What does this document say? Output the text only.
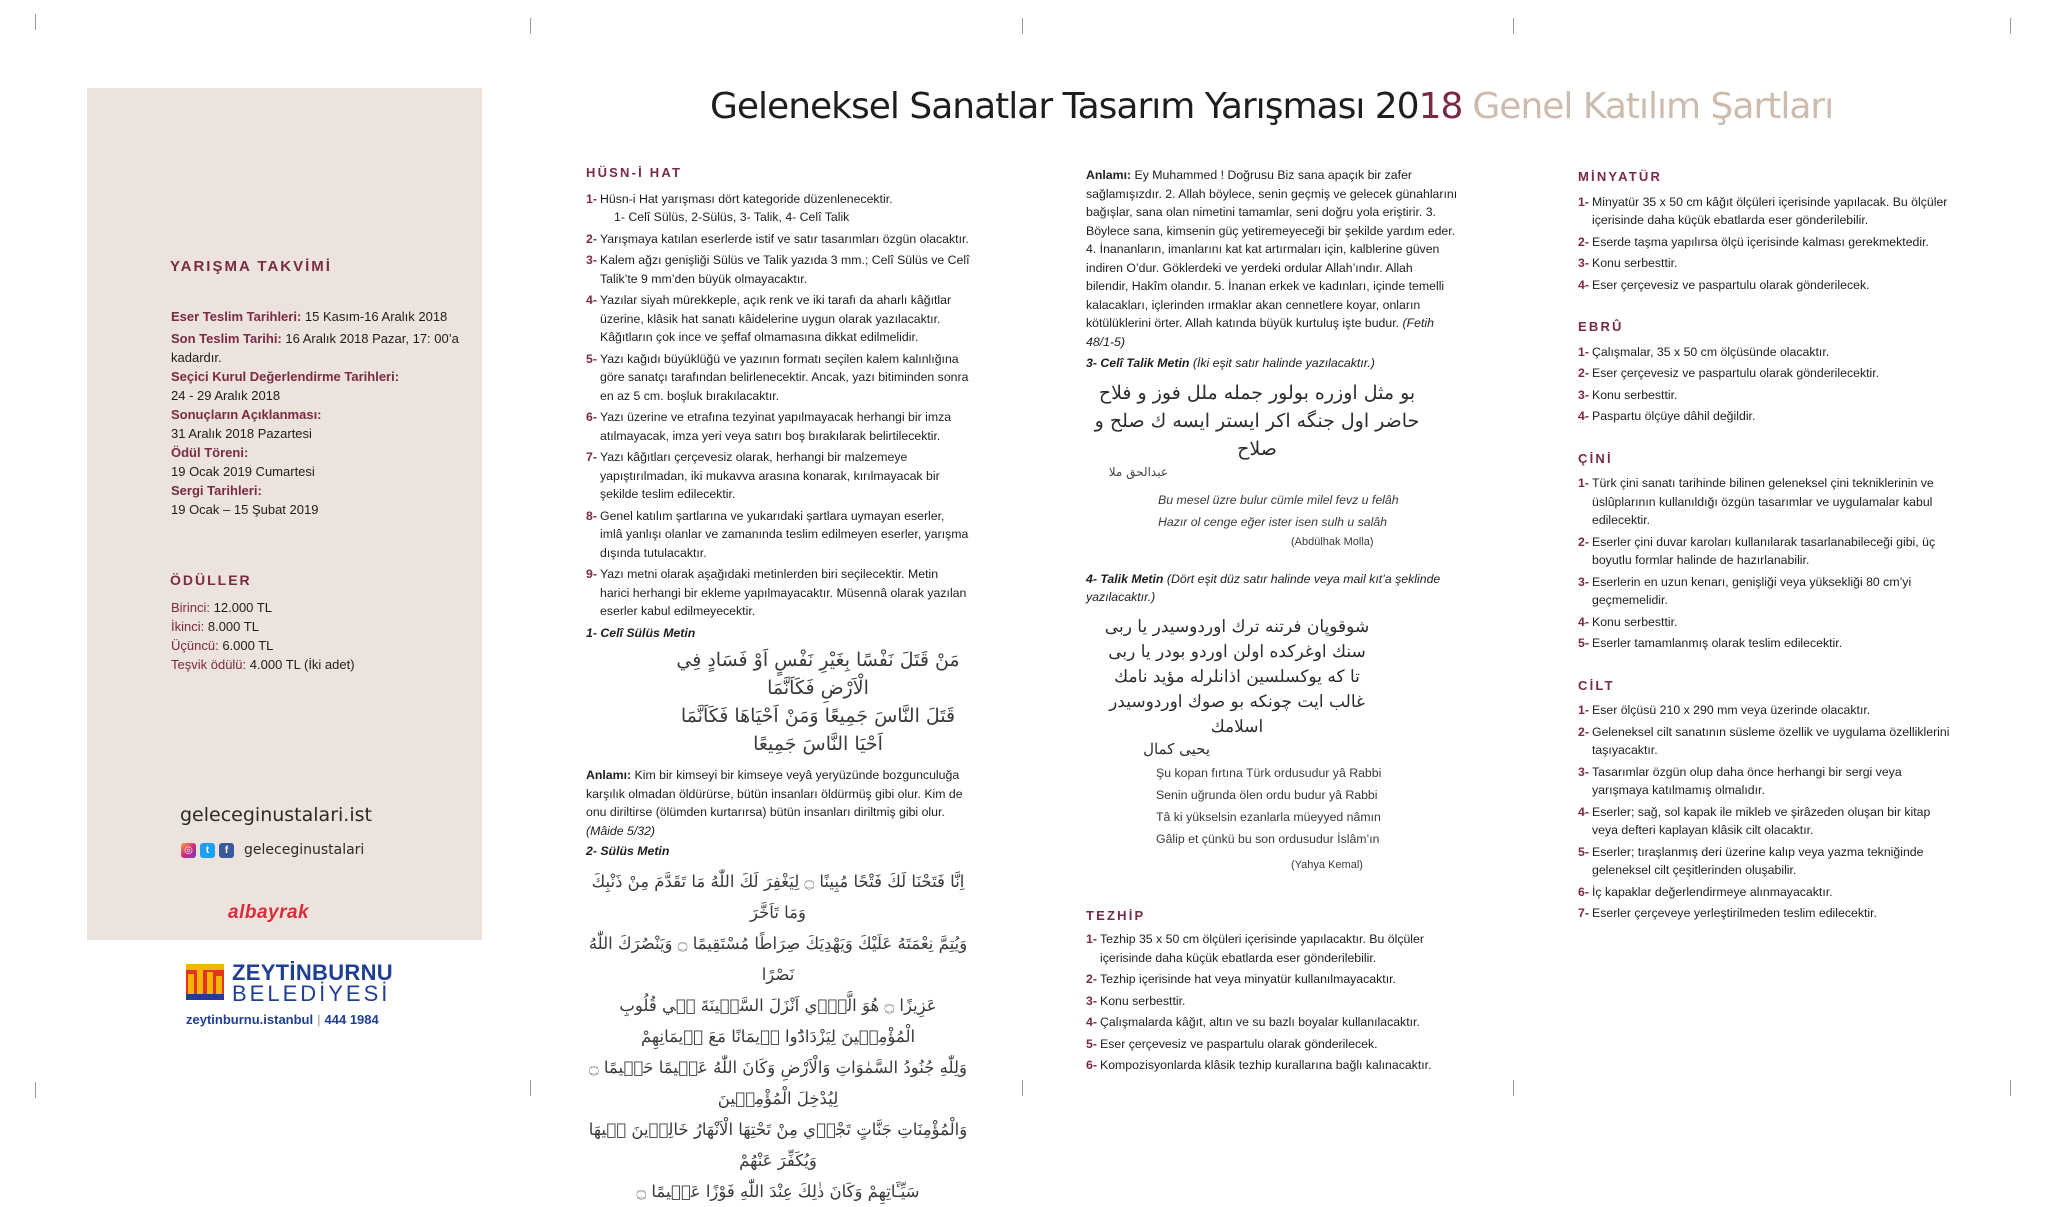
YARIŞMA TAKVİMİ
Eser Teslim Tarihleri: 15 Kasım-16 Aralık 2018
Son Teslim Tarihi: 16 Aralık 2018 Pazar, 17: 00’a kadardır.
Seçici Kurul Değerlendirme Tarihleri:
24 - 29 Aralık 2018
Sonuçların Açıklanması:
31 Aralık 2018 Pazartesi
Ödül Töreni:
19 Ocak 2019 Cumartesi
Sergi Tarihleri:
19 Ocak – 15 Şubat 2019
ÖDÜLLER
Birinci: 12.000 TL
İkinci: 8.000 TL
Üçüncü: 6.000 TL
Teşvik ödülü: 4.000 TL (İki adet)
geleceginustalari.ist
◎	t	f	geleceginustalari
albayrak
ZEYTİNBURNU
BELEDİYESİ
zeytinburnu.istanbul | 444 1984
Geleneksel Sanatlar Tasarım Yarışması 2018 Genel Katılım Şartları
HÜSN-İ HAT
1- Hüsn-i Hat yarışması dört kategoride düzenlenecektir.
1- Celî Sülüs, 2-Sülüs, 3- Talik, 4- Celî Talik
2- Yarışmaya katılan eserlerde istif ve satır tasarımları özgün olacaktır.
3- Kalem ağzı genişliği Sülüs ve Talik yazıda 3 mm.; Celî Sülüs ve Celî Talik’te 9 mm’den büyük olmayacaktır.
4- Yazılar siyah mürekkeple, açık renk ve iki tarafı da aharlı kâğıtlar üzerine, klâsik hat sanatı kâidelerine uygun olarak yazılacaktır. Kâğıtların çok ince ve şeffaf olmamasına dikkat edilmelidir.
5- Yazı kağıdı büyüklüğü ve yazının formatı seçilen kalem kalınlığına göre sanatçı tarafından belirlenecektir. Ancak, yazı bitiminden sonra en az 5 cm. boşluk bırakılacaktır.
6- Yazı üzerine ve etrafına tezyinat yapılmayacak herhangi bir imza atılmayacak, imza yeri veya satırı boş bırakılarak belirtilecektir.
7- Yazı kâğıtları çerçevesiz olarak, herhangi bir malzemeye yapıştırılmadan, iki mukavva arasına konarak, kırılmayacak bir şekilde teslim edilecektir.
8- Genel katılım şartlarına ve yukarıdaki şartlara uymayan eserler, imlâ yanlışı olanlar ve zamanında teslim edilmeyen eserler, yarışma dışında tutulacaktır.
9- Yazı metni olarak aşağıdaki metinlerden biri seçilecektir. Metin harici herhangi bir ekleme yapılmayacaktır. Müsennâ olarak yazılan eserler kabul edilmeyecektir.
1- Celî Sülüs Metin
مَنْ قَتَلَ نَفْسًا بِغَيْرِ نَفْسٍ اَوْ فَسَادٍ فِي الْاَرْضِ فَكَاَنَّمَا
قَتَلَ النَّاسَ جَمِيعًا وَمَنْ اَحْيَاهَا فَكَاَنَّمَا اَحْيَا النَّاسَ جَمِيعًا
Anlamı: Kim bir kimseyi bir kimseye veyâ yeryüzünde bozgunculuğa karşılık olmadan öldürürse, bütün insanları öldürmüş gibi olur. Kim de onu diriltirse (ölümden kurtarırsa) bütün insanları diriltmiş gibi olur. (Mâide 5/32)
2- Sülüs Metin
اِنَّا فَتَحْنَا لَكَ فَتْحًا مُبِينًا ۝ لِيَغْفِرَ لَكَ اللّٰهُ مَا تَقَدَّمَ مِنْ ذَنْبِكَ وَمَا تَاَخَّرَ
وَيُتِمَّ نِعْمَتَهُ عَلَيْكَ وَيَهْدِيَكَ صِرَاطًا مُسْتَقِيمًا ۝ وَيَنْصُرَكَ اللّٰهُ نَصْرًا
عَزِيزًا ۝ هُوَ الَّذ۪ٓي اَنْزَلَ السَّك۪ينَةَ ف۪ي قُلُوبِ الْمُؤْمِن۪ينَ لِيَزْدَادُٓوا ا۪يمَانًا مَعَ ا۪يمَانِهِمْ
وَلِلّٰهِ جُنُودُ السَّمٰوَاتِ وَالْاَرْضِ وَكَانَ اللّٰهُ عَل۪يمًا حَك۪يمًا ۝ لِيُدْخِلَ الْمُؤْمِن۪ينَ
وَالْمُؤْمِنَاتِ جَنَّاتٍ تَجْر۪ي مِنْ تَحْتِهَا الْاَنْهَارُ خَالِد۪ينَ ف۪يهَا وَيُكَفِّرَ عَنْهُمْ
سَيِّـَٔاتِهِمْ وَكَانَ ذٰلِكَ عِنْدَ اللّٰهِ فَوْزًا عَظ۪يمًا ۝
Anlamı: Ey Muhammed ! Doğrusu Biz sana apaçık bir zafer sağlamışızdır. 2. Allah böylece, senin geçmiş ve gelecek günahlarını bağışlar, sana olan nimetini tamamlar, seni doğru yola eriştirir. 3. Böylece sana, kimsenin güç yetiremeyeceği bir şekilde yardım eder. 4. İnananların, imanlarını kat kat artırmaları için, kalblerine güven indiren O’dur. Göklerdeki ve yerdeki ordular Allah’ındır. Allah bilendir, Hakîm olandır. 5. İnanan erkek ve kadınları, içinde temelli kalacakları, içlerinden ırmaklar akan cennetlere koyar, onların kötülüklerini örter. Allah katında büyük kurtuluş işte budur. (Fetih 48/1-5)
3- Celî Talik Metin (İki eşit satır halinde yazılacaktır.)
بو مثل اوزره بولور جمله ملل فوز و فلاح
حاضر اول جنگه اكر ايستر ايسه ك صلح و صلاح
عبدالحق ملا
Bu mesel üzre bulur cümle milel fevz u felâh
Hazır ol cenge eğer ister isen sulh u salâh
(Abdülhak Molla)
4- Talik Metin (Dört eşit düz satır halinde veya mail kıt’a şeklinde yazılacaktır.)
شوقوپان فرتنه ترك اوردوسيدر يا ربى
سنك اوغركده اولن اوردو بودر يا ربى
تا كه يوكسلسين اذانلرله مؤيد نامك
غالب ايت چونكه بو صوك اوردوسيدر اسلامك
يحيى كمال
Şu kopan fırtına Türk ordusudur yâ Rabbi
Senin uğrunda ölen ordu budur yâ Rabbi
Tâ ki yükselsin ezanlarla müeyyed nâmın
Gâlip et çünkü bu son ordusudur İslâm’ın
(Yahya Kemal)
TEZHİP
1- Tezhip 35 x 50 cm ölçüleri içerisinde yapılacaktır. Bu ölçüler içerisinde daha küçük ebatlarda eser gönderilebilir.
2- Tezhip içerisinde hat veya minyatür kullanılmayacaktır.
3- Konu serbesttir.
4- Çalışmalarda kâğıt, altın ve su bazlı boyalar kullanılacaktır.
5- Eser çerçevesiz ve paspartulu olarak gönderilecek.
6- Kompozisyonlarda klâsik tezhip kurallarına bağlı kalınacaktır.
MİNYATÜR
1- Minyatür 35 x 50 cm kâğıt ölçüleri içerisinde yapılacak. Bu ölçüler içerisinde daha küçük ebatlarda eser gönderilebilir.
2- Eserde taşma yapılırsa ölçü içerisinde kalması gerekmektedir.
3- Konu serbesttir.
4- Eser çerçevesiz ve paspartulu olarak gönderilecek.
EBRÛ
1- Çalışmalar, 35 x 50 cm ölçüsünde olacaktır.
2- Eser çerçevesiz ve paspartulu olarak gönderilecektir.
3- Konu serbesttir.
4- Paspartu ölçüye dâhil değildir.
ÇİNİ
1- Türk çini sanatı tarihinde bilinen geleneksel çini tekniklerinin ve üslûplarının kullanıldığı özgün tasarımlar ve uygulamalar kabul edilecektir.
2- Eserler çini duvar karoları kullanılarak tasarlanabileceği gibi, üç boyutlu formlar halinde de hazırlanabilir.
3- Eserlerin en uzun kenarı, genişliği veya yüksekliği 80 cm’yi geçmemelidir.
4- Konu serbesttir.
5- Eserler tamamlanmış olarak teslim edilecektir.
CİLT
1- Eser ölçüsü 210 x 290 mm veya üzerinde olacaktır.
2- Geleneksel cilt sanatının süsleme özellik ve uygulama özelliklerini taşıyacaktır.
3- Tasarımlar özgün olup daha önce herhangi bir sergi veya yarışmaya katılmamış olmalıdır.
4- Eserler; sağ, sol kapak ile mikleb ve şirâzeden oluşan bir kitap veya defteri kaplayan klâsik cilt olacaktır.
5- Eserler; tıraşlanmış deri üzerine kalıp veya yazma tekniğinde geleneksel cilt çeşitlerinden oluşabilir.
6- İç kapaklar değerlendirmeye alınmayacaktır.
7- Eserler çerçeveye yerleştirilmeden teslim edilecektir.
